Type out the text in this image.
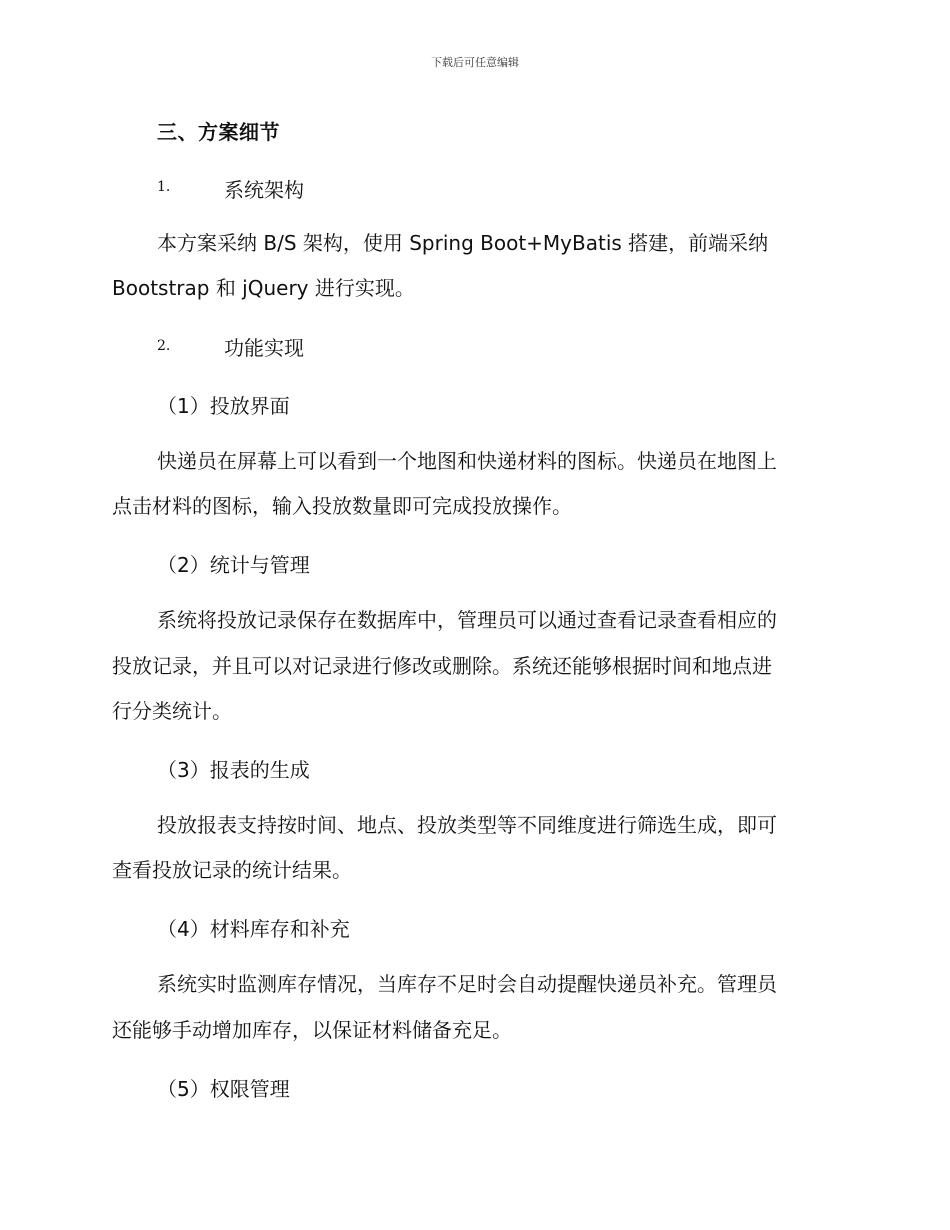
下载后可任意编辑
三、方案细节
1.	系统架构
本方案采纳 B/S 架构，使用 Spring Boot+MyBatis 搭建，前端采纳
Bootstrap 和 jQuery 进行实现。
2.	功能实现
（1）投放界面
快递员在屏幕上可以看到一个地图和快递材料的图标。快递员在地图上
点击材料的图标，输入投放数量即可完成投放操作。
（2）统计与管理
系统将投放记录保存在数据库中，管理员可以通过查看记录查看相应的
投放记录，并且可以对记录进行修改或删除。系统还能够根据时间和地点进
行分类统计。
（3）报表的生成
投放报表支持按时间、地点、投放类型等不同维度进行筛选生成，即可
查看投放记录的统计结果。
（4）材料库存和补充
系统实时监测库存情况，当库存不足时会自动提醒快递员补充。管理员
还能够手动增加库存，以保证材料储备充足。
（5）权限管理
